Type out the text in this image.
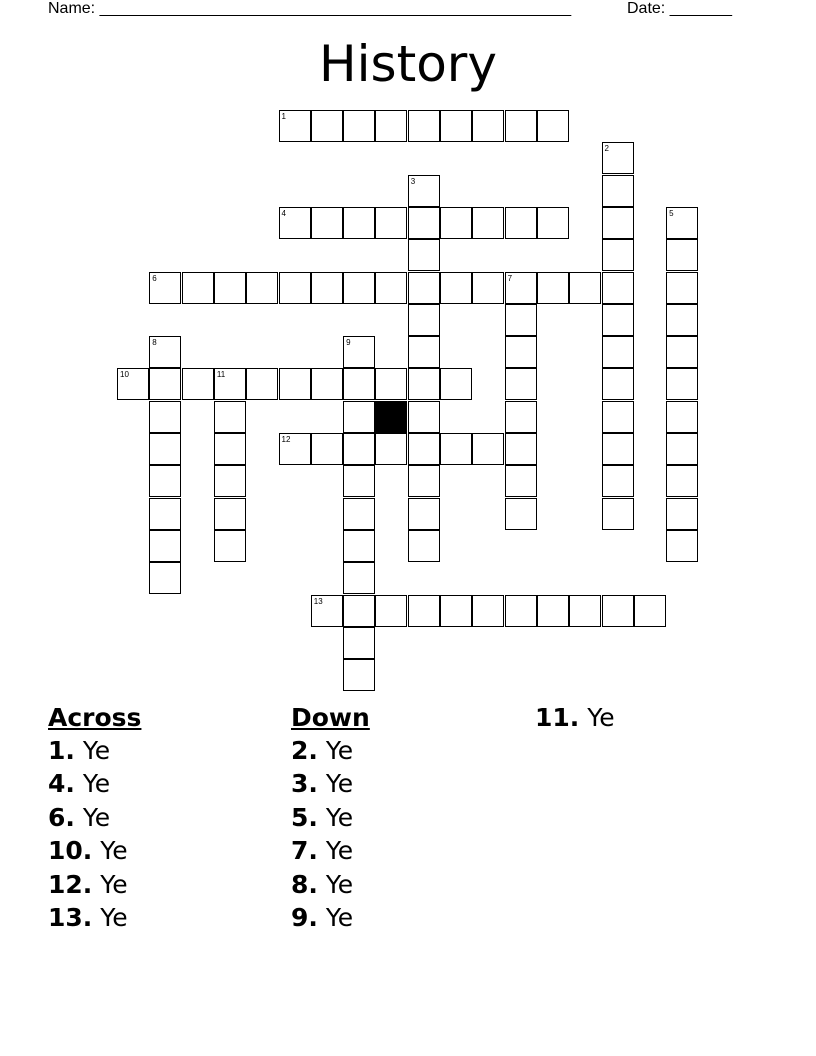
Name: _____________________________________________________	Date: _______
History
1
2
3
4	5
6	7
8	9
10	11
12
13
Across
1. Ye
4. Ye
6. Ye
10. Ye
12. Ye
13. Ye
Down
2. Ye
3. Ye
5. Ye
7. Ye
8. Ye
9. Ye
11. Ye
